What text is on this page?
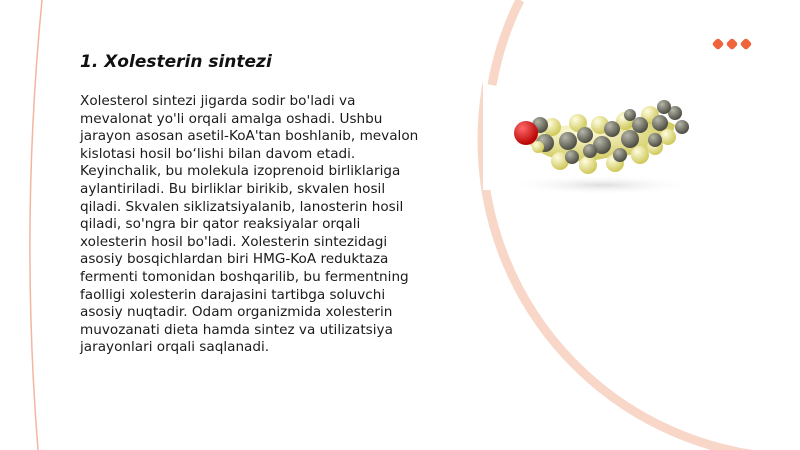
1. Xolesterin sintezi

Xolesterol sintezi jigarda sodir bo'ladi va mevalonat yo'li orqali amalga oshadi. Ushbu jarayon asosan asetil-KoA'tan boshlanib, mevalon kislotasi hosil bo‘lishi bilan davom etadi. Keyinchalik, bu molekula izoprenoid birliklariga aylantiriladi. Bu birliklar birikib, skvalen hosil qiladi. Skvalen siklizatsiyalanib, lanosterin hosil qiladi, so'ngra bir qator reaksiyalar orqali xolesterin hosil bo'ladi. Xolesterin sintezidagi asosiy bosqichlardan biri HMG-KoA reduktaza fermenti tomonidan boshqarilib, bu fermentning faolligi xolesterin darajasini tartibga soluvchi asosiy nuqtadir. Odam organizmida xolesterin muvozanati dieta hamda sintez va utilizatsiya jarayonlari orqali saqlanadi.
